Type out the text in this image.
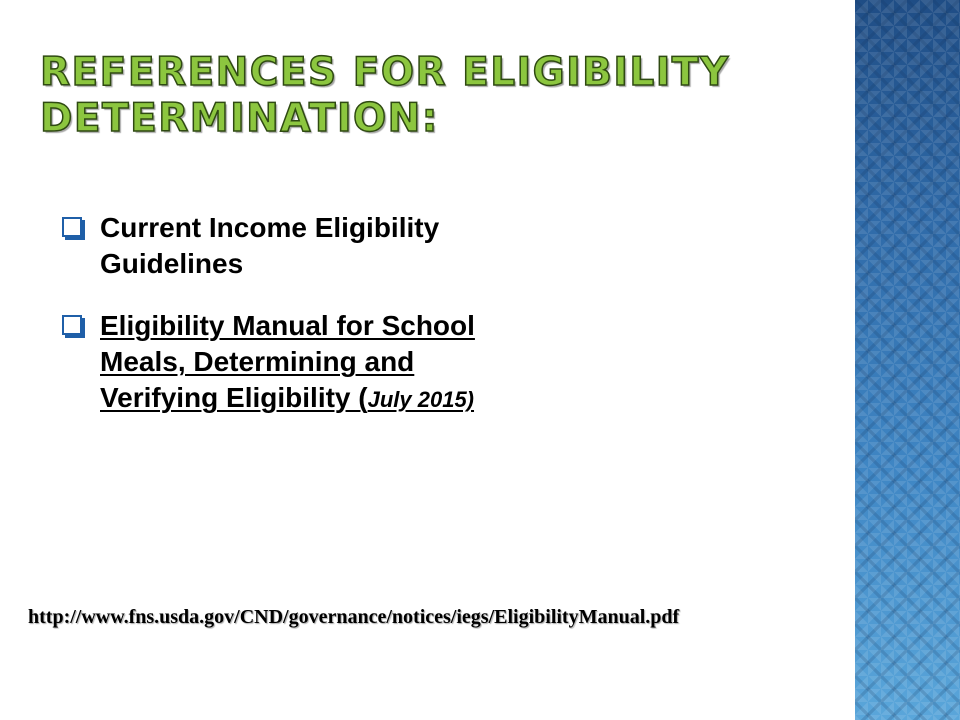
REFERENCES FOR ELIGIBILITY DETERMINATION:
Current Income Eligibility Guidelines
Eligibility Manual for School Meals, Determining and Verifying Eligibility (July 2015)
http://www.fns.usda.gov/CND/governance/notices/iegs/EligibilityManual.pdf
